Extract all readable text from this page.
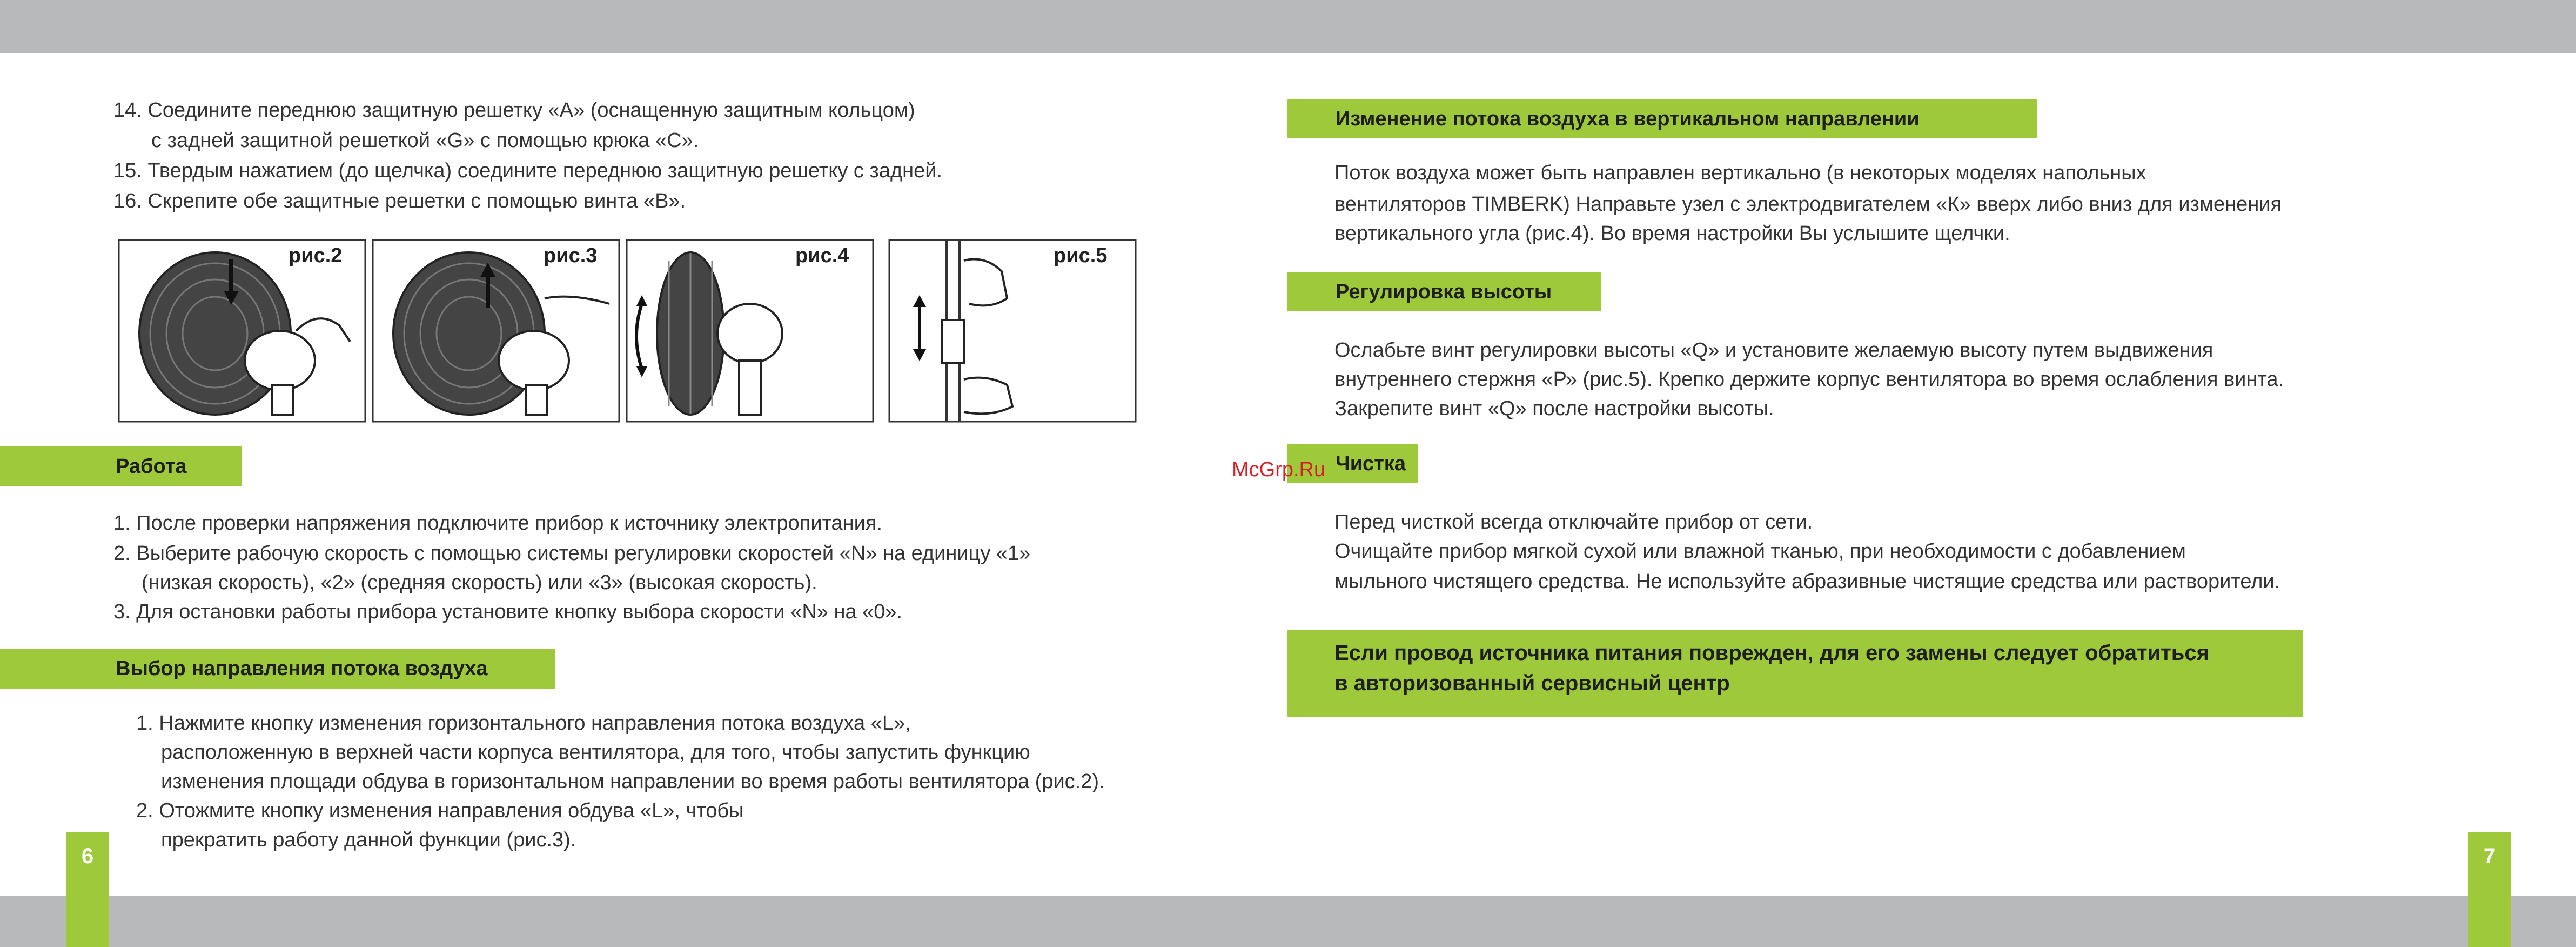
6	7
14. Соедините переднюю защитную решетку «А» (оснащенную защитным кольцом)
с задней защитной решеткой «G» с помощью крюка «С».
15. Твердым нажатием (до щелчка) соедините переднюю защитную решетку с задней.
16. Скрепите обе защитные решетки с помощью винта «В».
рис.2	рис.3	рис.4	рис.5
Работа
1. После проверки напряжения подключите прибор к источнику электропитания.
2. Выберите рабочую скорость с помощью системы регулировки скоростей «N» на единицу «1»
(низкая скорость), «2» (средняя скорость) или «3» (высокая скорость).
3. Для остановки работы прибора установите кнопку выбора скорости «N» на «0».
Выбор направления потока воздуха
1. Нажмите кнопку изменения горизонтального направления потока воздуха «L»,
расположенную в верхней части корпуса вентилятора, для того, чтобы запустить функцию
изменения площади обдува в горизонтальном направлении во время работы вентилятора (рис.2).
2. Отожмите кнопку изменения направления обдува «L», чтобы
прекратить работу данной функции (рис.3).
Изменение потока воздуха в вертикальном направлении
Поток воздуха может быть направлен вертикально (в некоторых моделях напольных
вентиляторов TIMBERK) Направьте узел с электродвигателем «К» вверх либо вниз для изменения
вертикального угла (рис.4). Во время настройки Вы услышите щелчки.
Регулировка высоты
Ослабьте винт регулировки высоты «Q» и установите желаемую высоту путем выдвижения
внутреннего стержня «Р» (рис.5). Крепко держите корпус вентилятора во время ослабления винта.
Закрепите винт «Q» после настройки высоты.
Чистка
Перед чисткой всегда отключайте прибор от сети.
Очищайте прибор мягкой сухой или влажной тканью, при необходимости с добавлением
мыльного чистящего средства. Не используйте абразивные чистящие средства или растворители.
Если провод источника питания поврежден, для его замены следует обратиться
в авторизованный сервисный центр
McGrp.Ru
